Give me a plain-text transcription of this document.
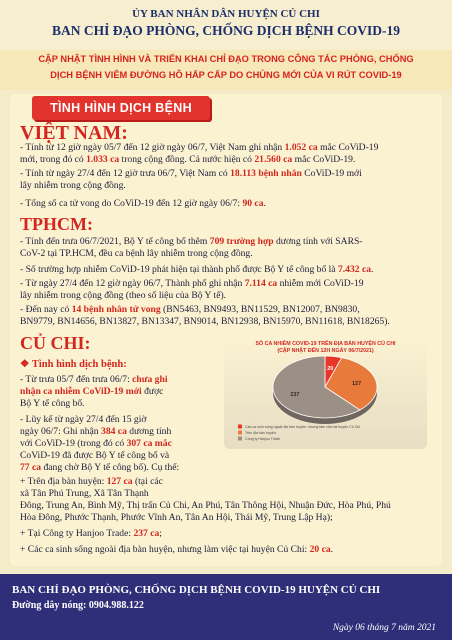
ỦY BAN NHÂN DÂN HUYỆN CỦ CHI
BAN CHỈ ĐẠO PHÒNG, CHỐNG DỊCH BỆNH COVID-19
CẬP NHẬT TÌNH HÌNH VÀ TRIỂN KHAI CHỈ ĐẠO TRONG CÔNG TÁC PHÒNG, CHỐNG
DỊCH BỆNH VIÊM ĐƯỜNG HÔ HẤP CẤP DO CHỦNG MỚI CỦA VI RÚT COVID-19
TÌNH HÌNH DỊCH BỆNH
VIỆT NAM:
- Tính từ 12 giờ ngày 05/7 đến 12 giờ ngày 06/7, Việt Nam ghi nhận 1.052 ca mắc CoViD-19
mới, trong đó có 1.033 ca trong cộng đồng. Cả nước hiện có 21.560 ca mắc CoViD-19.
- Tính từ ngày 27/4 đến 12 giờ trưa 06/7, Việt Nam có 18.113 bệnh nhân CoViD-19 mới
lây nhiễm trong cộng đồng.
- Tổng số ca tử vong do CoViD-19 đến 12 giờ ngày 06/7: 90 ca.
TPHCM:
- Tính đến trưa 06/7/2021, Bộ Y tế công bố thêm 709 trường hợp dương tính với SARS-
CoV-2 tại TP.HCM, đều ca bệnh lây nhiễm trong cộng đồng.
- Số trường hợp nhiễm CoViD-19 phát hiện tại thành phố được Bộ Y tế công bố là 7.432 ca.
- Từ ngày 27/4 đến 12 giờ ngày 06/7, Thành phố ghi nhận 7.114 ca nhiễm mới CoViD-19
lây nhiễm trong cộng đồng (theo số liệu của Bộ Y tế).
- Đến nay có 14 bệnh nhân tử vong (BN5463, BN9493, BN11529, BN12007, BN9830,
BN9779, BN14656, BN13827, BN13347, BN9014, BN12938, BN15970, BN11618, BN18265).
CỦ CHI:
❖ Tình hình dịch bệnh:
- Từ trưa 05/7 đến trưa 06/7: chưa ghi
nhận ca nhiễm CoViD-19 mới được
Bộ Y tế công bố.
- Lũy kế từ ngày 27/4 đến 15 giờ
ngày 06/7: Ghi nhận 384 ca dương tính
với CoViD-19 (trong đó có 307 ca mắc
CoViD-19 đã được Bộ Y tế công bố và
77 ca đang chờ Bộ Y tế công bố). Cụ thể:
+ Trên địa bàn huyện: 127 ca (tại các
xã Tân Phú Trung, Xã Tân Thạnh
Đông, Trung An, Bình Mỹ, Thị trấn Củ Chi, An Phú, Tân Thông Hội, Nhuận Đức, Hòa Phú, Phú
Hòa Đông, Phước Thạnh, Phước Vĩnh An, Tân An Hội, Thái Mỹ, Trung Lập Hạ);
+ Tại Công ty Hanjoo Trade: 237 ca;
+ Các ca sinh sống ngoài địa bàn huyện, nhưng làm việc tại huyện Củ Chi: 20 ca.
20
127
237
Các ca sinh sống ngoài địa bàn huyện, nhưng làm việc tại huyện Củ Chi
Trên địa bàn huyện
Công ty Hanjoo Trade
SỐ CA NHIỄM COVID-19 TRÊN ĐỊA BÀN HUYỆN CỦ CHI
(CẬP NHẬT ĐẾN 12H NGÀY 06/7/2021)
BAN CHỈ ĐẠO PHÒNG, CHỐNG DỊCH BỆNH COVID-19 HUYỆN CỦ CHI
Đường dây nóng: 0904.988.122
Ngày 06 tháng 7 năm 2021
